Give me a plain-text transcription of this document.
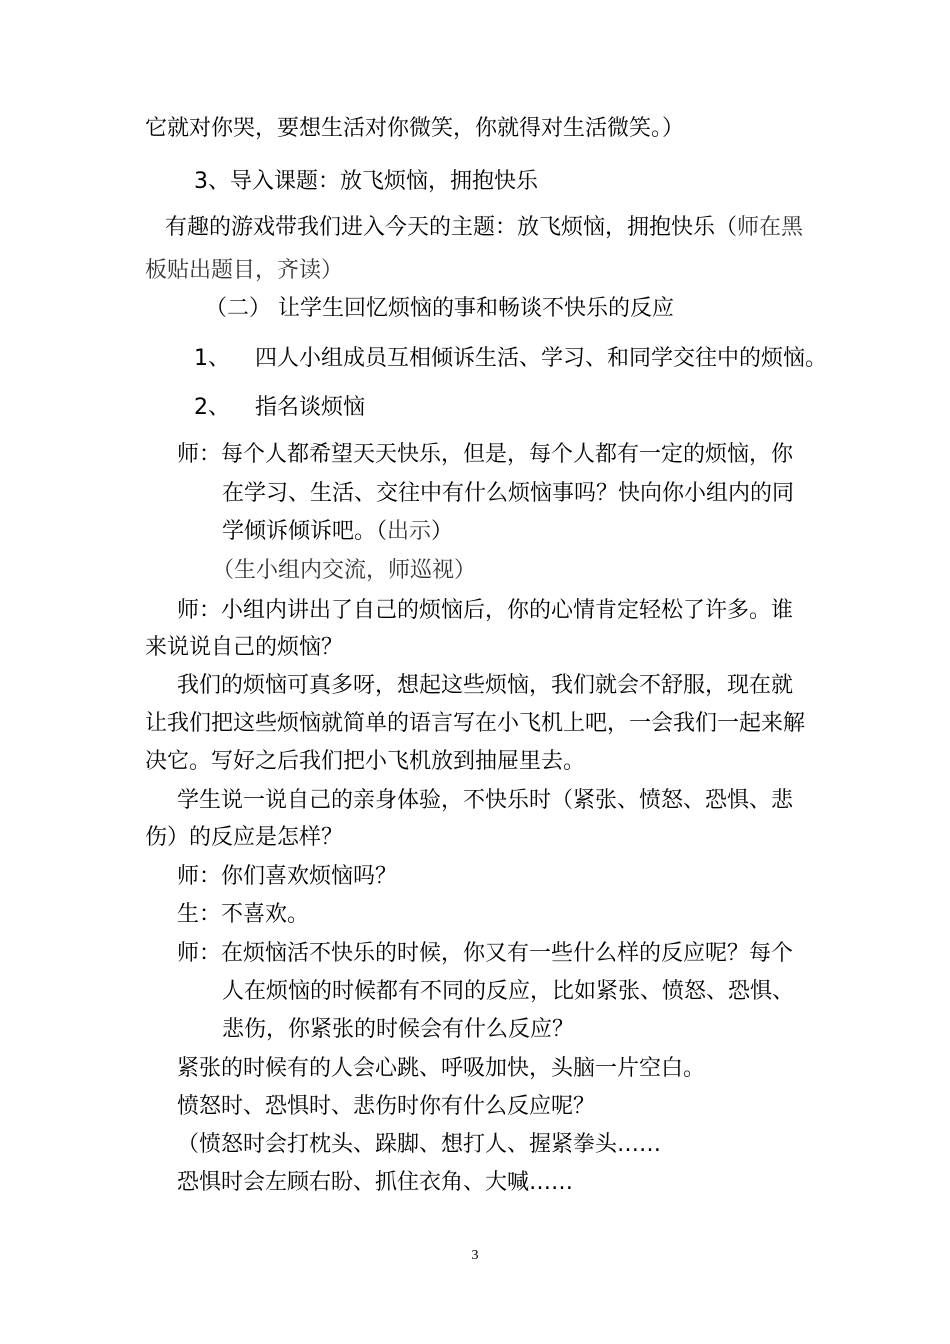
它就对你哭，要想生活对你微笑，你就得对生活微笑。）
3、导入课题：放飞烦恼，拥抱快乐
有趣的游戏带我们进入今天的主题：放飞烦恼，拥抱快乐（师在黑
板贴出题目，齐读）
（二） 让学生回忆烦恼的事和畅谈不快乐的反应
1、 四人小组成员互相倾诉生活、学习、和同学交往中的烦恼。
2、 指名谈烦恼
师：每个人都希望天天快乐，但是，每个人都有一定的烦恼，你
在学习、生活、交往中有什么烦恼事吗？快向你小组内的同
学倾诉倾诉吧。（出示）
（生小组内交流，师巡视）
师：小组内讲出了自己的烦恼后，你的心情肯定轻松了许多。谁
来说说自己的烦恼？
我们的烦恼可真多呀，想起这些烦恼，我们就会不舒服，现在就
让我们把这些烦恼就简单的语言写在小飞机上吧，一会我们一起来解
决它。写好之后我们把小飞机放到抽屉里去。
学生说一说自己的亲身体验，不快乐时（紧张、愤怒、恐惧、悲
伤）的反应是怎样？
师：你们喜欢烦恼吗？
生：不喜欢。
师：在烦恼活不快乐的时候，你又有一些什么样的反应呢？每个
人在烦恼的时候都有不同的反应，比如紧张、愤怒、恐惧、
悲伤，你紧张的时候会有什么反应？
紧张的时候有的人会心跳、呼吸加快，头脑一片空白。
愤怒时、恐惧时、悲伤时你有什么反应呢？
（愤怒时会打枕头、跺脚、想打人、握紧拳头……
恐惧时会左顾右盼、抓住衣角、大喊……
3
